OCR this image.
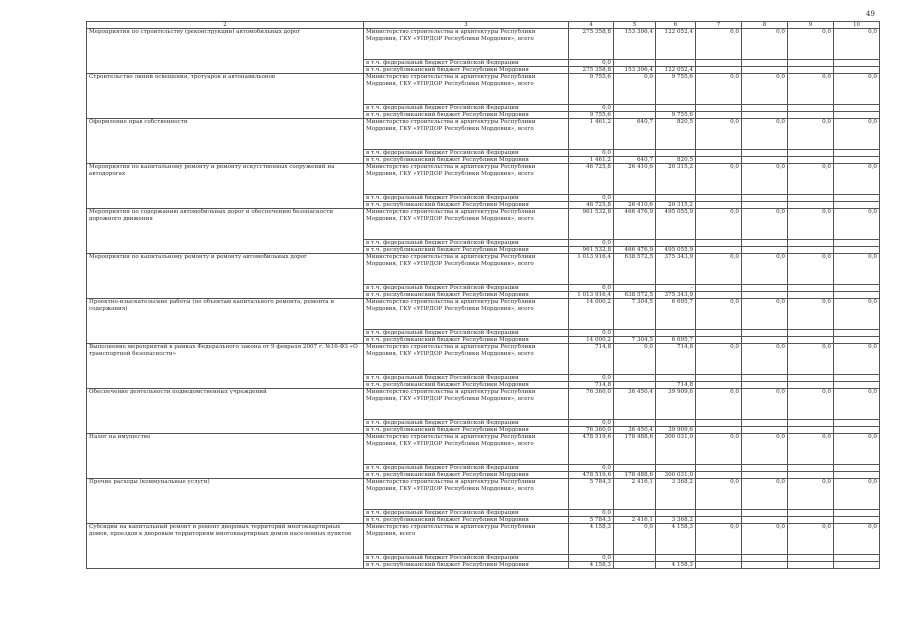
49
2	3	4	5	6	7	8	9	10
Мероприятия по строительству (реконструкции) автомобильных дорог	Министерство строительства и архитектуры Республики Мордовия, ГКУ «УПРДОР Республики Мордовия», всего	275 358,8	153 306,4	122 052,4	0,0	0,0	0,0	0,0
	в т.ч. федеральный бюджет Российской Федерации	0,0						
	в т.ч. республиканский бюджет Республики Мордовия	275 358,8	153 306,4	122 052,4				
Строительство линий освещения, тротуаров и автопавильонов	Министерство строительства и архитектуры Республики Мордовия, ГКУ «УПРДОР Республики Мордовия», всего	9 755,6	0,0	9 755,6	0,0	0,0	0,0	0,0
	в т.ч. федеральный бюджет Российской Федерации	0,0						
	в т.ч. республиканский бюджет Республики Мордовия	9 755,6		9 755,6				
Оформление прав собственности	Министерство строительства и архитектуры Республики Мордовия, ГКУ «УПРДОР Республики Мордовия», всего	1 461,2	640,7	820,5	0,0	0,0	0,0	0,0
	в т.ч. федеральный бюджет Российской Федерации	0,0						
	в т.ч. республиканский бюджет Республики Мордовия	1 461,2	640,7	820,5				
Мероприятия по капитальному ремонту и ремонту искусственных сооружений на автодорогах	Министерство строительства и архитектуры Республики Мордовия, ГКУ «УПРДОР Республики Мордовия», всего	46 725,8	26 410,6	20 315,2	0,0	0,0	0,0	0,0
	в т.ч. федеральный бюджет Российской Федерации	0,0						
	в т.ч. республиканский бюджет Республики Мордовия	46 725,8	26 410,6	20 315,2				
Мероприятия по содержанию автомобильных дорог и обеспечению безопасности дорожного движения	Министерство строительства и архитектуры Республики Мордовия, ГКУ «УПРДОР Республики Мордовия», всего	961 532,8	466 476,9	495 055,9	0,0	0,0	0,0	0,0
	в т.ч. федеральный бюджет Российской Федерации	0,0						
	в т.ч. республиканский бюджет Республики Мордовия	961 532,8	466 476,9	495 055,9				
Мероприятия по капитальному ремонту и ремонту автомобильных дорог	Министерство строительства и архитектуры Республики Мордовия, ГКУ «УПРДОР Республики Мордовия», всего	1 013 916,4	638 572,5	375 343,9	0,0	0,0	0,0	0,0
	в т.ч. федеральный бюджет Российской Федерации	0,0		-				
	в т.ч. республиканский бюджет Республики Мордовия	1 013 916,4	638 572,5	375 343,9				
Проектно-изыскательские работы (по объектам капитального ремонта, ремонта и содержания)	Министерство строительства и архитектуры Республики Мордовия, ГКУ «УПРДОР Республики Мордовия», всего	14 000,2	7 304,5	6 695,7	0,0	0,0	0,0	0,0
	в т.ч. федеральный бюджет Российской Федерации	0,0						
	в т.ч. республиканский бюджет Республики Мордовия	14 000,2	7 304,5	6 695,7				
Выполнение мероприятий в рамках Федерального закона от 9 февраля 2007 г. №16-ФЗ «О транспортной безопасности»	Министерство строительства и архитектуры Республики Мордовия, ГКУ «УПРДОР Республики Мордовия», всего	714,8	0,0	714,8	0,0	0,0	0,0	0,0
	в т.ч. федеральный бюджет Российской Федерации	0,0						
	в т.ч. республиканский бюджет Республики Мордовия	714,8		714,8				
Обеспечение деятельности подведомственных учреждений	Министерство строительства и архитектуры Республики Мордовия, ГКУ «УПРДОР Республики Мордовия», всего	76 360,0	36 450,4	39 909,6	0,0	0,0	0,0	0,0
	в т.ч. федеральный бюджет Российской Федерации	0,0						
	в т.ч. республиканский бюджет Республики Мордовия	76 360,0	36 450,4	39 909,6				
Налог на имущество	Министерство строительства и архитектуры Республики Мордовия, ГКУ «УПРДОР Республики Мордовия», всего	478 519,6	178 488,6	300 031,0	0,0	0,0	0,0	0,0
	в т.ч. федеральный бюджет Российской Федерации	0,0						
	в т.ч. республиканский бюджет Республики Мордовия	478 519,6	178 488,6	300 031,0				
Прочие расходы (коммунальные услуги)	Министерство строительства и архитектуры Республики Мордовия, ГКУ «УПРДОР Республики Мордовия», всего	5 784,3	2 416,1	3 368,2	0,0	0,0	0,0	0,0
	в т.ч. федеральный бюджет Российской Федерации	0,0						
	в т.ч. республиканский бюджет Республики Мордовия	5 784,3	2 416,1	3 368,2				
Субсидии на капитальный ремонт и ремонт дворовых территорий многоквартирных домов, проездов к дворовым территориям многоквартирных домов населенных пунктов	Министерство строительства и архитектуры Республики Мордовия, всего	4 158,3	0,0	4 158,3	0,0	0,0	0,0	0,0
	в т.ч. федеральный бюджет Российской Федерации	0,0						
	в т.ч. республиканский бюджет Республики Мордовия	4 158,3		4 158,3				
